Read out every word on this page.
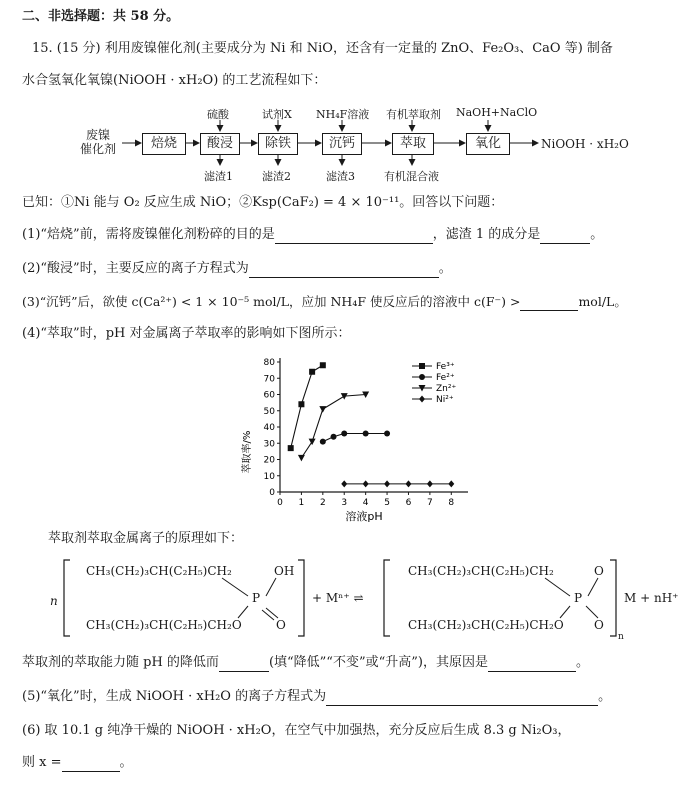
二、非选择题：共 58 分。
15. (15 分) 利用废镍催化剂(主要成分为 Ni 和 NiO，还含有一定量的 ZnO、Fe₂O₃、CaO 等) 制备
水合氢氧化氧镍(NiOOH · xH₂O) 的工艺流程如下：
废镍
催化剂	焙烧	酸浸	除铁	沉钙	萃取	氧化
硫酸	试剂X NH₄F溶液 有机萃取剂 NaOH+NaClO
滤渣1	滤渣2	滤渣3	有机混合液
NiOOH · xH₂O
已知：①Ni 能与 O₂ 反应生成 NiO；②Ksp(CaF₂) = 4 × 10⁻¹¹。回答以下问题：
(1)“焙烧”前，需将废镍催化剂粉碎的目的是	，滤渣 1 的成分是	。
(2)“酸浸”时，主要反应的离子方程式为	。
(3)“沉钙”后，欲使 c(Ca²⁺) < 1 × 10⁻⁵ mol/L，应加 NH₄F 使反应后的溶液中 c(F⁻) >	mol/L。
(4)“萃取”时，pH 对金属离子萃取率的影响如下图所示：
0 1 2 3 4 5 6 7 8
0
10
20
30
40
50
60
70
80	Fe³⁺
Fe²⁺
Zn²⁺
Ni²⁺
萃取率/%
溶液pH
萃取剂萃取金属离子的原理如下：
n
CH₃(CH₂)₃CH(C₂H₅)CH₂	OH
P
CH₃(CH₂)₃CH(C₂H₅)CH₂O	O
+ Mⁿ⁺ ⇌
CH₃(CH₂)₃CH(C₂H₅)CH₂	O
P
CH₃(CH₂)₃CH(C₂H₅)CH₂O	O
n
M + nH⁺
萃取剂的萃取能力随 pH 的降低而	(填“降低”“不变”或“升高”)，其原因是	。
(5)“氧化”时，生成 NiOOH · xH₂O 的离子方程式为	。
(6) 取 10.1 g 纯净干燥的 NiOOH · xH₂O，在空气中加强热，充分反应后生成 8.3 g Ni₂O₃，
则 x =	。
